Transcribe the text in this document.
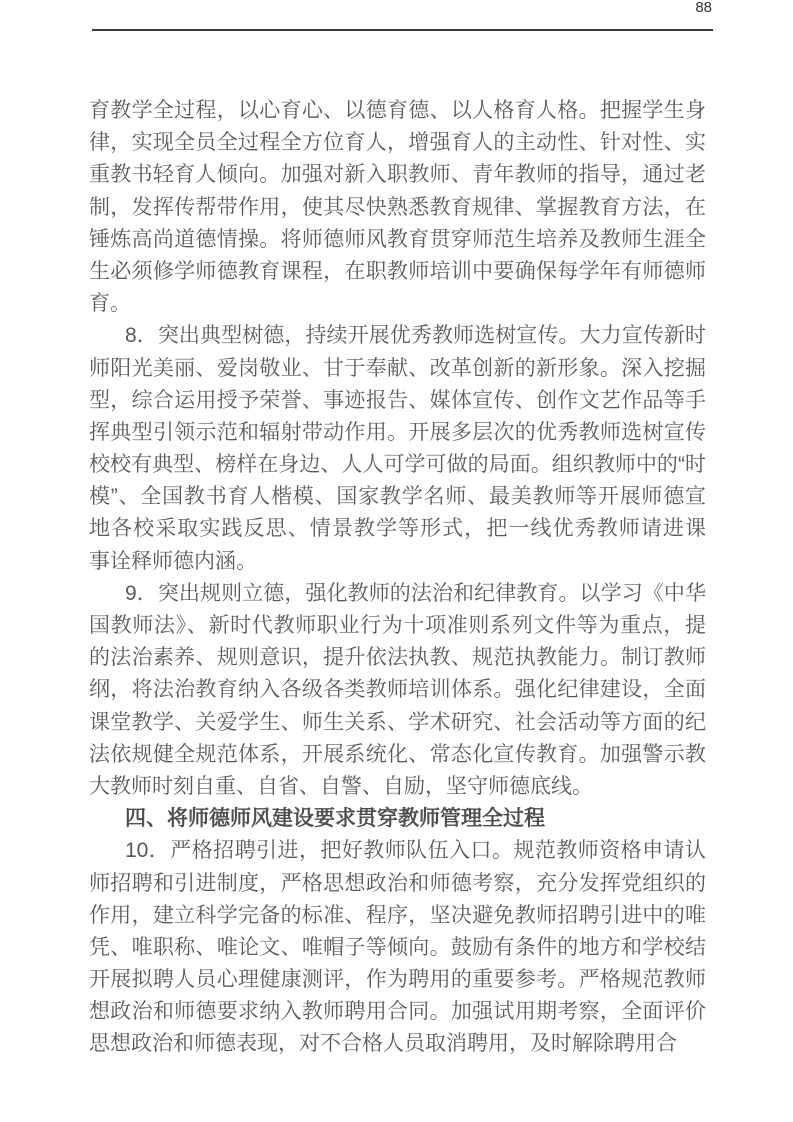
88
育教学全过程，以心育心、以德育德、以人格育人格。把握学生身
律，实现全员全过程全方位育人，增强育人的主动性、针对性、实
重教书轻育人倾向。加强对新入职教师、青年教师的指导，通过老
制，发挥传帮带作用，使其尽快熟悉教育规律、掌握教育方法，在
锤炼高尚道德情操。将师德师风教育贯穿师范生培养及教师生涯全
生必须修学师德教育课程，在职教师培训中要确保每学年有师德师
育。
8．突出典型树德，持续开展优秀教师选树宣传。大力宣传新时
师阳光美丽、爱岗敬业、甘于奉献、改革创新的新形象。深入挖掘
型，综合运用授予荣誉、事迹报告、媒体宣传、创作文艺作品等手
挥典型引领示范和辐射带动作用。开展多层次的优秀教师选树宣传
校校有典型、榜样在身边、人人可学可做的局面。组织教师中的“时
模”、全国教书育人楷模、国家教学名师、最美教师等开展师德宣
地各校采取实践反思、情景教学等形式，把一线优秀教师请进课
事诠释师德内涵。
9．突出规则立德，强化教师的法治和纪律教育。以学习《中华
国教师法》、新时代教师职业行为十项准则系列文件等为重点，提
的法治素养、规则意识，提升依法执教、规范执教能力。制订教师
纲，将法治教育纳入各级各类教师培训体系。强化纪律建设，全面
课堂教学、关爱学生、师生关系、学术研究、社会活动等方面的纪
法依规健全规范体系，开展系统化、常态化宣传教育。加强警示教
大教师时刻自重、自省、自警、自励，坚守师德底线。
四、将师德师风建设要求贯穿教师管理全过程
10．严格招聘引进，把好教师队伍入口。规范教师资格申请认
师招聘和引进制度，严格思想政治和师德考察，充分发挥党组织的
作用，建立科学完备的标准、程序，坚决避免教师招聘引进中的唯
凭、唯职称、唯论文、唯帽子等倾向。鼓励有条件的地方和学校结
开展拟聘人员心理健康测评，作为聘用的重要参考。严格规范教师
想政治和师德要求纳入教师聘用合同。加强试用期考察，全面评价
思想政治和师德表现，对不合格人员取消聘用，及时解除聘用合
